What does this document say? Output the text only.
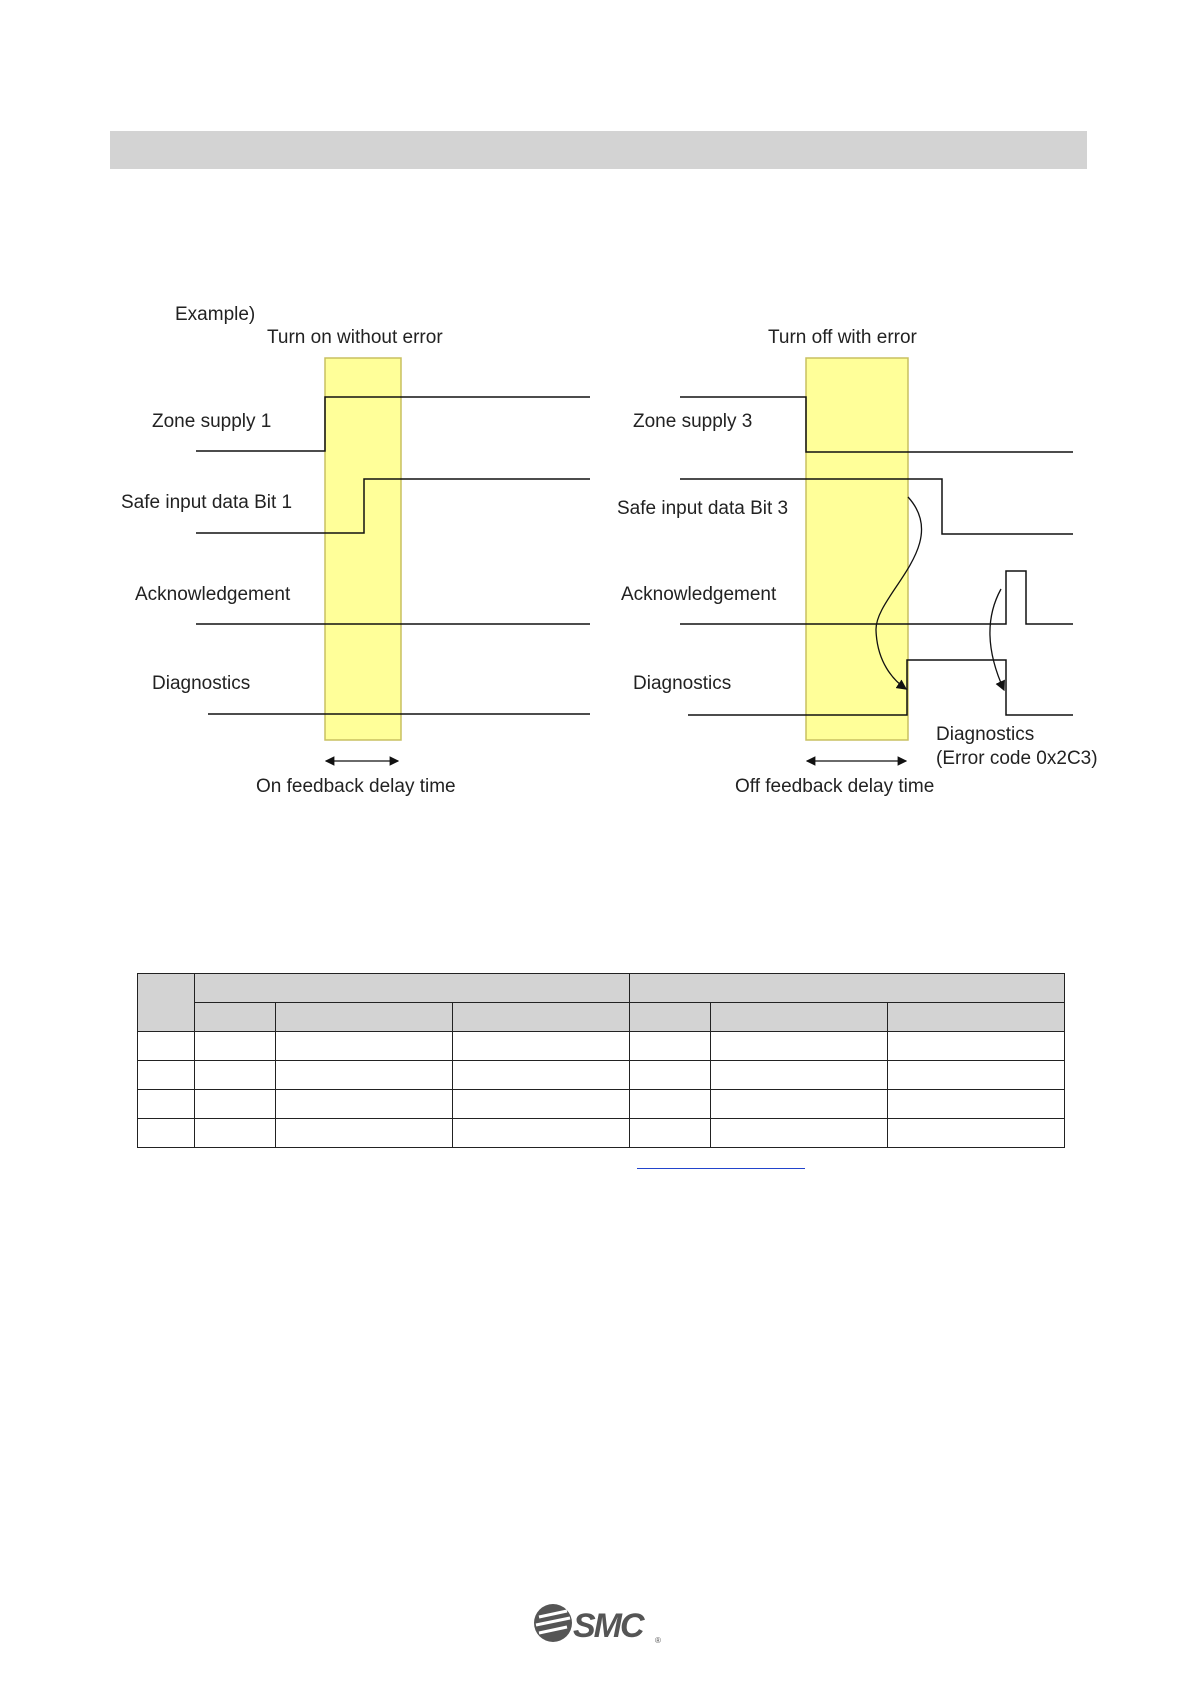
Example)
Turn on without error
Zone supply 1
Safe input data Bit 1
Acknowledgement
Diagnostics
On feedback delay time
Turn off with error
Zone supply 3
Safe input data Bit 3
Acknowledgement
Diagnostics
Diagnostics
(Error code 0x2C3)
Off feedback delay time

SMC	®
